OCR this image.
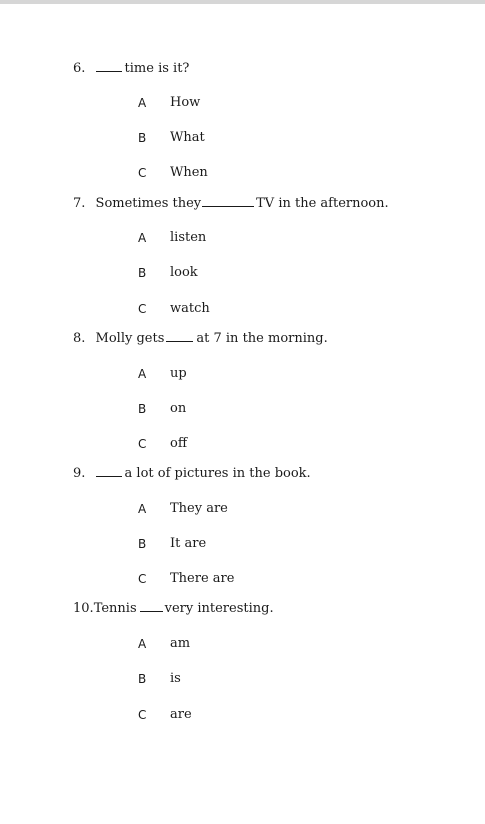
6.	time is it?
A How
B What
C When
7. Sometimes they	TV in the afternoon.
A listen
B look
C watch
8. Molly gets at 7 in the morning.
A up
B on
C off
9.	a lot of pictures in the book.
A They are
B It are
C There are
10.Tennis very interesting.
A am
B is
C are
